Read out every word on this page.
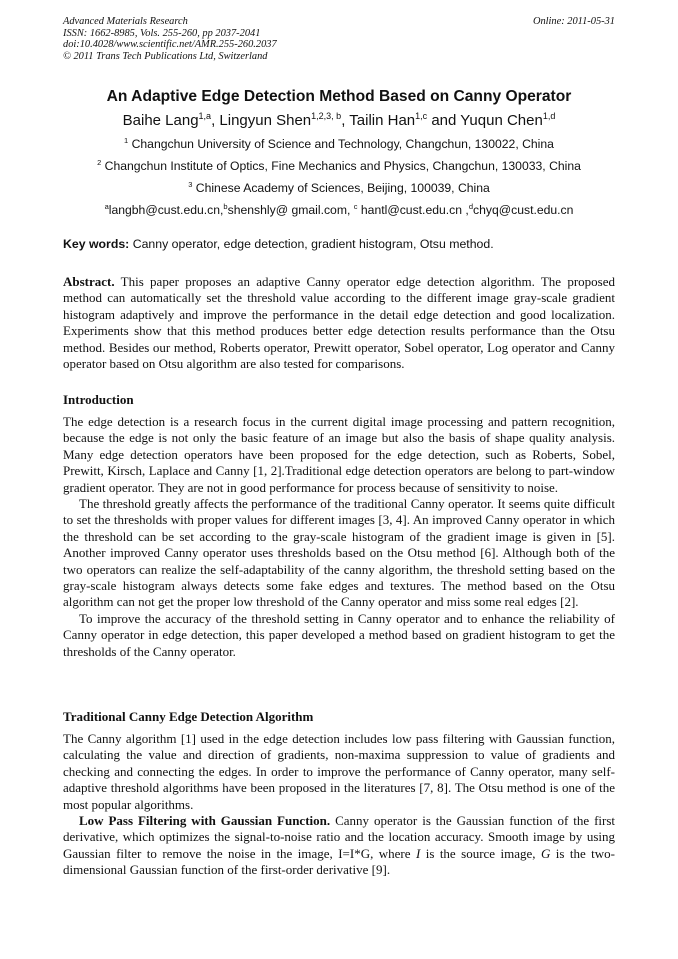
Advanced Materials Research
ISSN: 1662-8985, Vols. 255-260, pp 2037-2041
doi:10.4028/www.scientific.net/AMR.255-260.2037
© 2011 Trans Tech Publications Ltd, Switzerland
Online: 2011-05-31
An Adaptive Edge Detection Method Based on Canny Operator
Baihe Lang$^{1,a}$, Lingyun Shen$^{1,2,3, b}$, Tailin Han$^{1,c}$ and Yuqun Chen$^{1,d}$
$^1$ Changchun University of Science and Technology, Changchun, 130022, China
$^2$ Changchun Institute of Optics, Fine Mechanics and Physics, Changchun, 130033, China
$^3$ Chinese Academy of Sciences, Beijing, 100039, China
$^a$langbh@cust.edu.cn,$^b$shenshly@ gmail.com, $^c$ hantl@cust.edu.cn ,$^d$chyq@cust.edu.cn
Key words: Canny operator, edge detection, gradient histogram, Otsu method.

Abstract. This paper proposes an adaptive Canny operator edge detection algorithm. The proposed method can automatically set the threshold value according to the different image gray-scale gradient histogram adaptively and improve the performance in the detail edge detection and good localization. Experiments show that this method produces better edge detection results performance than the Otsu method. Besides our method, Roberts operator, Prewitt operator, Sobel operator, Log operator and Canny operator based on Otsu algorithm are also tested for comparisons.

Introduction

The edge detection is a research focus in the current digital image processing and pattern recognition, because the edge is not only the basic feature of an image but also the basis of shape quality analysis. Many edge detection operators have been proposed for the edge detection, such as Roberts, Sobel, Prewitt, Kirsch, Laplace and Canny [1, 2].Traditional edge detection operators are belong to part-window gradient operator. They are not in good performance for process because of sensitivity to noise.

The threshold greatly affects the performance of the traditional Canny operator. It seems quite difficult to set the thresholds with proper values for different images [3, 4]. An improved Canny operator in which the threshold can be set according to the gray-scale histogram of the gradient image is given in [5]. Another improved Canny operator uses thresholds based on the Otsu method [6]. Although both of the two operators can realize the self-adaptability of the canny algorithm, the threshold setting based on the gray-scale histogram always detects some fake edges and textures. The method based on the Otsu algorithm can not get the proper low threshold of the Canny operator and miss some real edges [2].

To improve the accuracy of the threshold setting in Canny operator and to enhance the reliability of Canny operator in edge detection, this paper developed a method based on gradient histogram to get the thresholds of the Canny operator.

Traditional Canny Edge Detection Algorithm

The Canny algorithm [1] used in the edge detection includes low pass filtering with Gaussian function, calculating the value and direction of gradients, non-maxima suppression to value of gradients and checking and connecting the edges. In order to improve the performance of Canny operator, many self-adaptive threshold algorithms have been proposed in the literatures [7, 8]. The Otsu method is one of the most popular algorithms.

Low Pass Filtering with Gaussian Function. Canny operator is the Gaussian function of the first derivative, which optimizes the signal-to-noise ratio and the location accuracy. Smooth image by using Gaussian filter to remove the noise in the image, I=I*G, where I is the source image, G is the two-dimensional Gaussian function of the first-order derivative [9].
